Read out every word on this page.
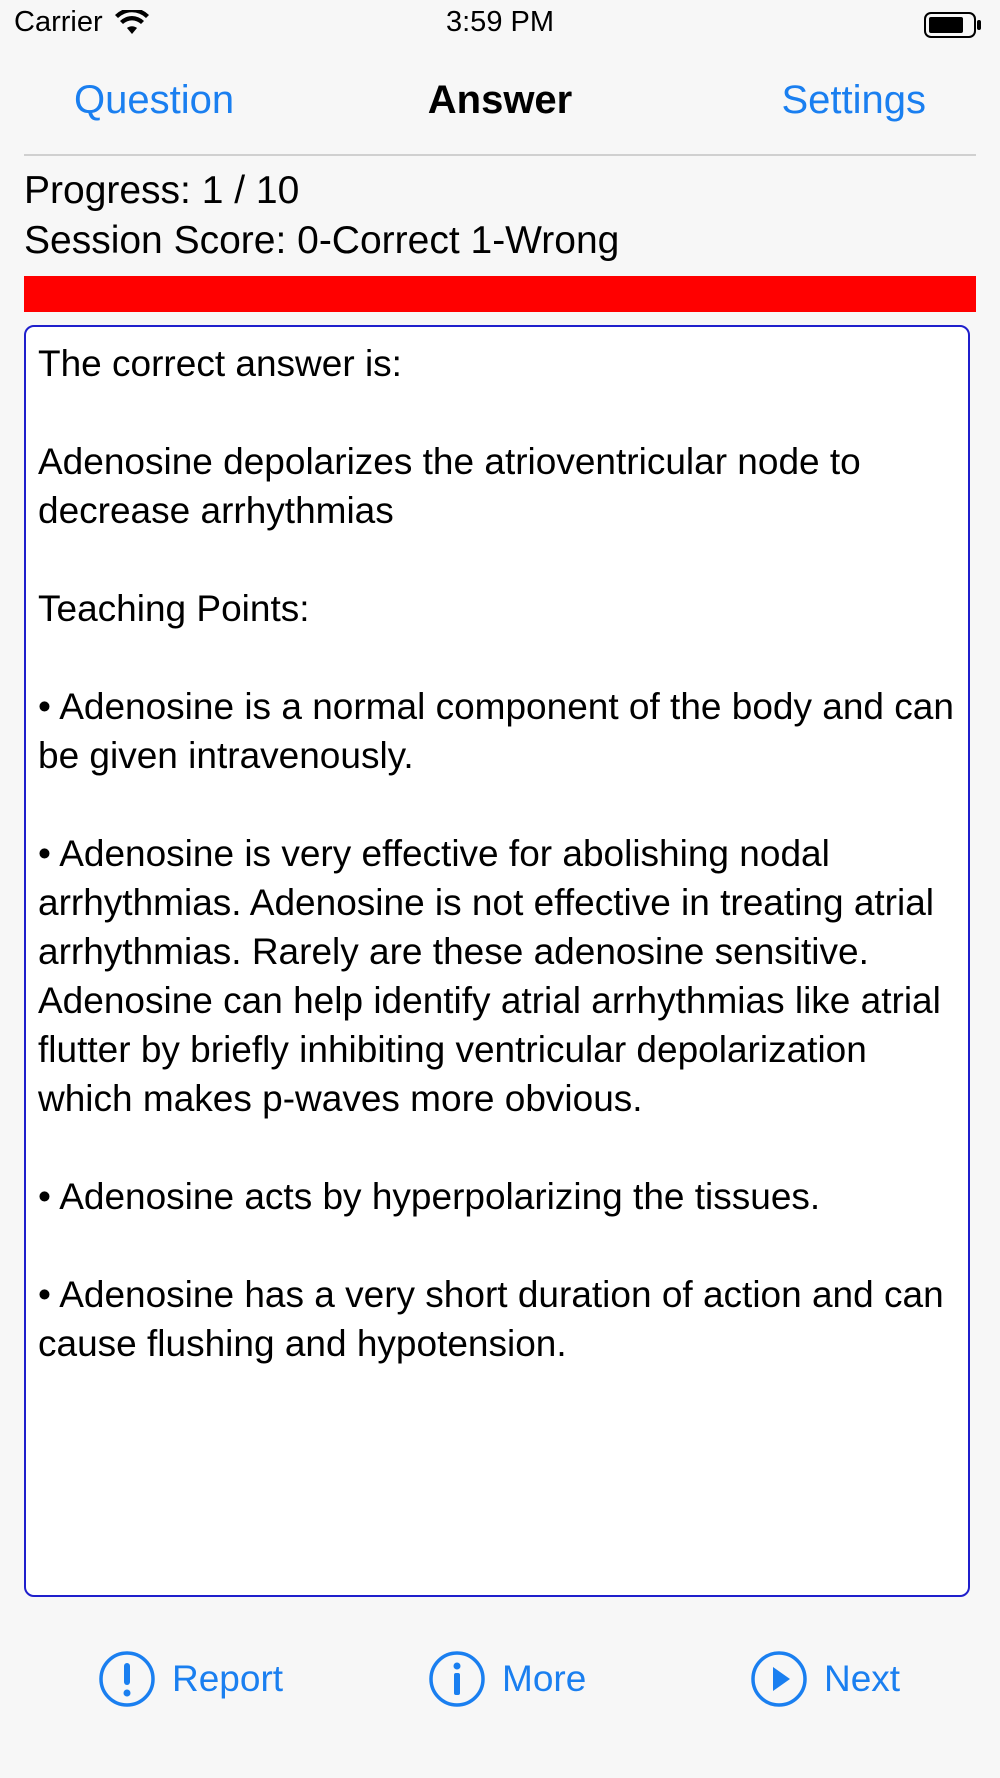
Carrier	3:59 PM
Question	Answer	Settings
Progress: 1 / 10
Session Score: 0-Correct 1-Wrong

The correct answer is:

Adenosine depolarizes the atrioventricular node to decrease arrhythmias

Teaching Points:

• Adenosine is a normal component of the body and can be given intravenously.

• Adenosine is very effective for abolishing nodal arrhythmias. Adenosine is not effective in treating atrial arrhythmias. Rarely are these adenosine sensitive. Adenosine can help identify atrial arrhythmias like atrial flutter by briefly inhibiting ventricular depolarization which makes p-waves more obvious.

• Adenosine acts by hyperpolarizing the tissues.

• Adenosine has a very short duration of action and can cause flushing and hypotension.

Report	More	Next
